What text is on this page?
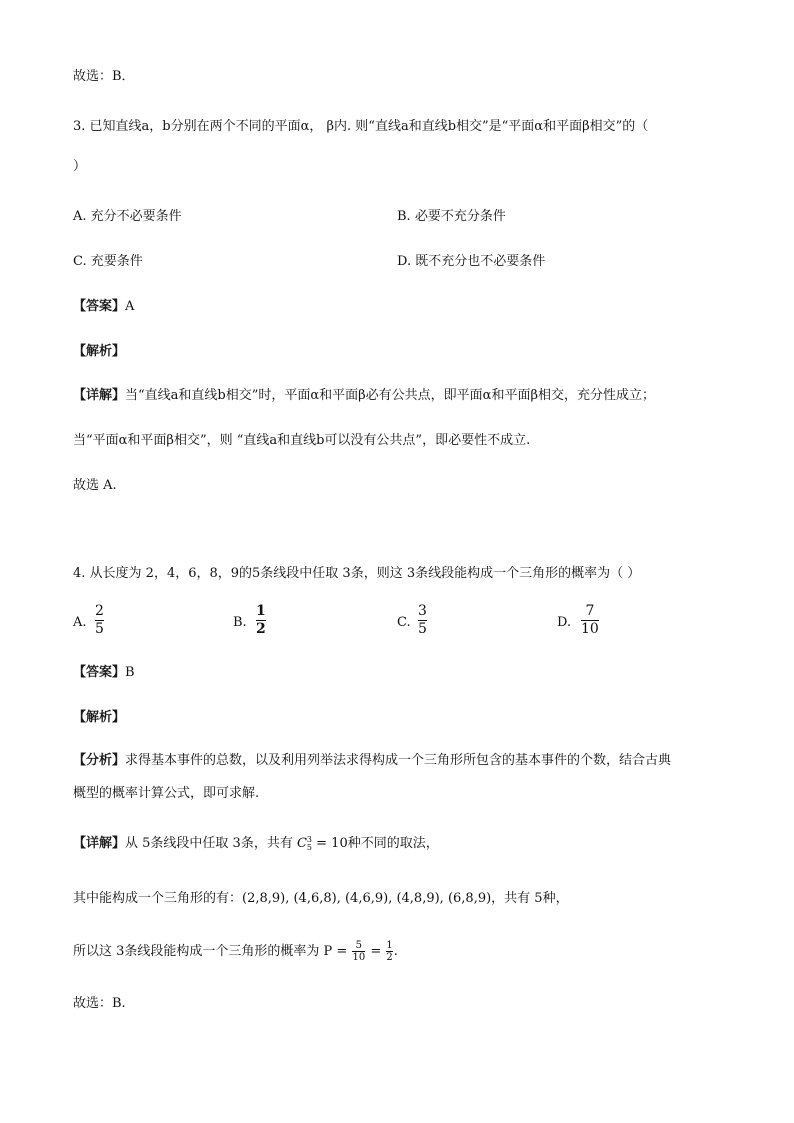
故选：B．
3. 已知直线a，b分别在两个不同的平面α， β内. 则“直线a和直线b相交”是“平面α和平面β相交”的（
）
A. 充分不必要条件	B. 必要不充分条件
C. 充要条件	D. 既不充分也不必要条件
【答案】A
【解析】
【详解】当“直线a和直线b相交”时，平面α和平面β必有公共点，即平面α和平面β相交，充分性成立；
当“平面α和平面β相交”，则 “直线a和直线b可以没有公共点”，即必要性不成立.
故选 A.
4. 从长度为 2，4，6，8，9的5条线段中任取 3条，则这 3条线段能构成一个三角形的概率为（ ）
A.
2
5	B.
1
2	C.
3
5	D.
7
10
【答案】B
【解析】
【分析】求得基本事件的总数，以及利用列举法求得构成一个三角形所包含的基本事件的个数，结合古典
概型的概率计算公式，即可求解.
【详解】从 5条线段中任取 3条，共有 C 3
5 = 10种不同的取法，
其中能构成一个三角形的有：(2,8,9), (4,6,8), (4,6,9), (4,8,9), (6,8,9)，共有 5种，
所以这 3条线段能构成一个三角形的概率为 $P = \frac{5}{10} = \frac{1}{2}$ .
故选：B.
